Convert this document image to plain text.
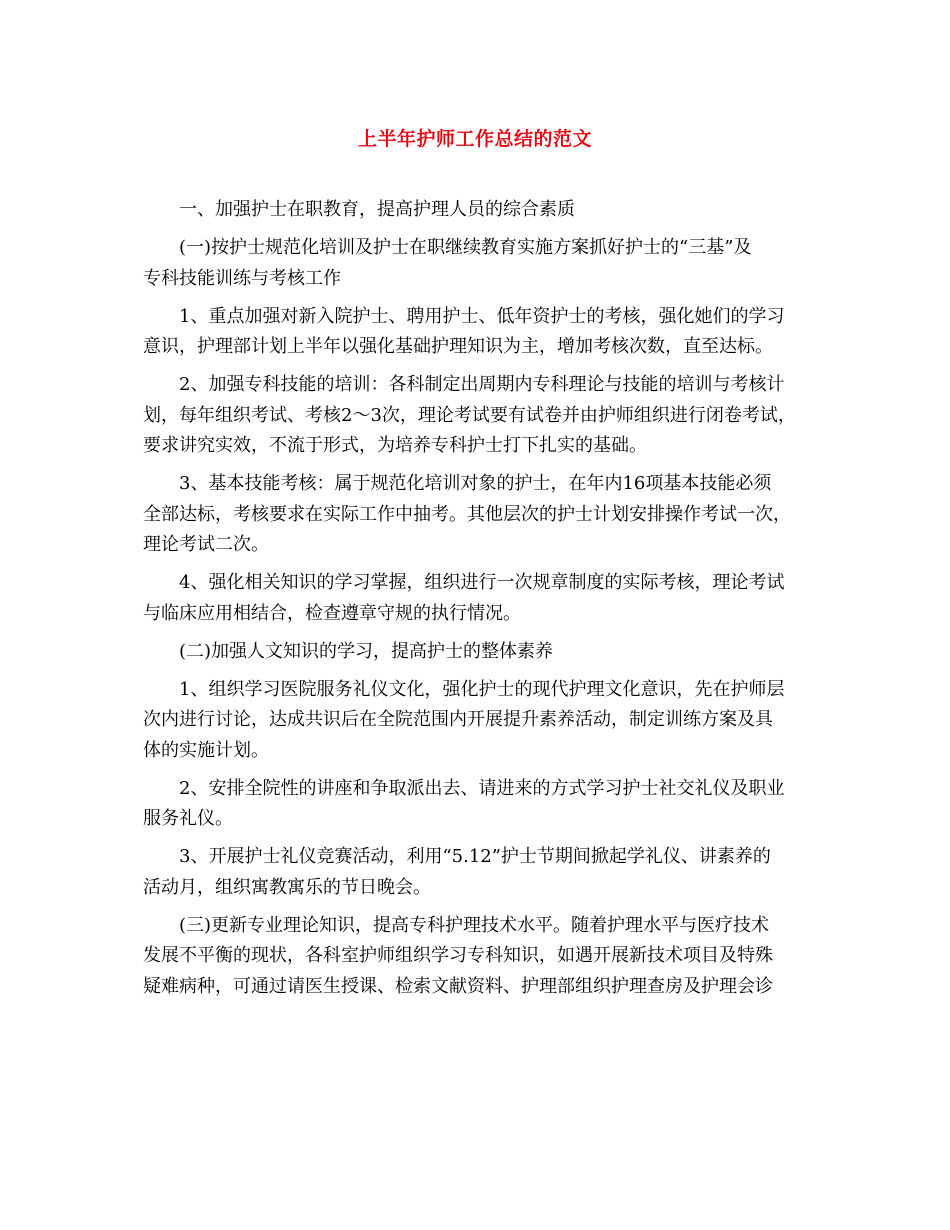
上半年护师工作总结的范文
一、加强护士在职教育，提高护理人员的综合素质
(一)按护士规范化培训及护士在职继续教育实施方案抓好护士的“三基”及
专科技能训练与考核工作
1、重点加强对新入院护士、聘用护士、低年资护士的考核，强化她们的学习
意识，护理部计划上半年以强化基础护理知识为主，增加考核次数，直至达标。
2、加强专科技能的培训：各科制定出周期内专科理论与技能的培训与考核计
划，每年组织考试、考核2～3次，理论考试要有试卷并由护师组织进行闭卷考试，
要求讲究实效，不流于形式，为培养专科护士打下扎实的基础。
3、基本技能考核：属于规范化培训对象的护士，在年内16项基本技能必须
全部达标，考核要求在实际工作中抽考。其他层次的护士计划安排操作考试一次，
理论考试二次。
4、强化相关知识的学习掌握，组织进行一次规章制度的实际考核，理论考试
与临床应用相结合，检查遵章守规的执行情况。
(二)加强人文知识的学习，提高护士的整体素养
1、组织学习医院服务礼仪文化，强化护士的现代护理文化意识，先在护师层
次内进行讨论，达成共识后在全院范围内开展提升素养活动，制定训练方案及具
体的实施计划。
2、安排全院性的讲座和争取派出去、请进来的方式学习护士社交礼仪及职业
服务礼仪。
3、开展护士礼仪竞赛活动，利用“5.12”护士节期间掀起学礼仪、讲素养的
活动月，组织寓教寓乐的节日晚会。
(三)更新专业理论知识，提高专科护理技术水平。随着护理水平与医疗技术
发展不平衡的现状，各科室护师组织学习专科知识，如遇开展新技术项目及特殊
疑难病种，可通过请医生授课、检索文献资料、护理部组织护理查房及护理会诊
